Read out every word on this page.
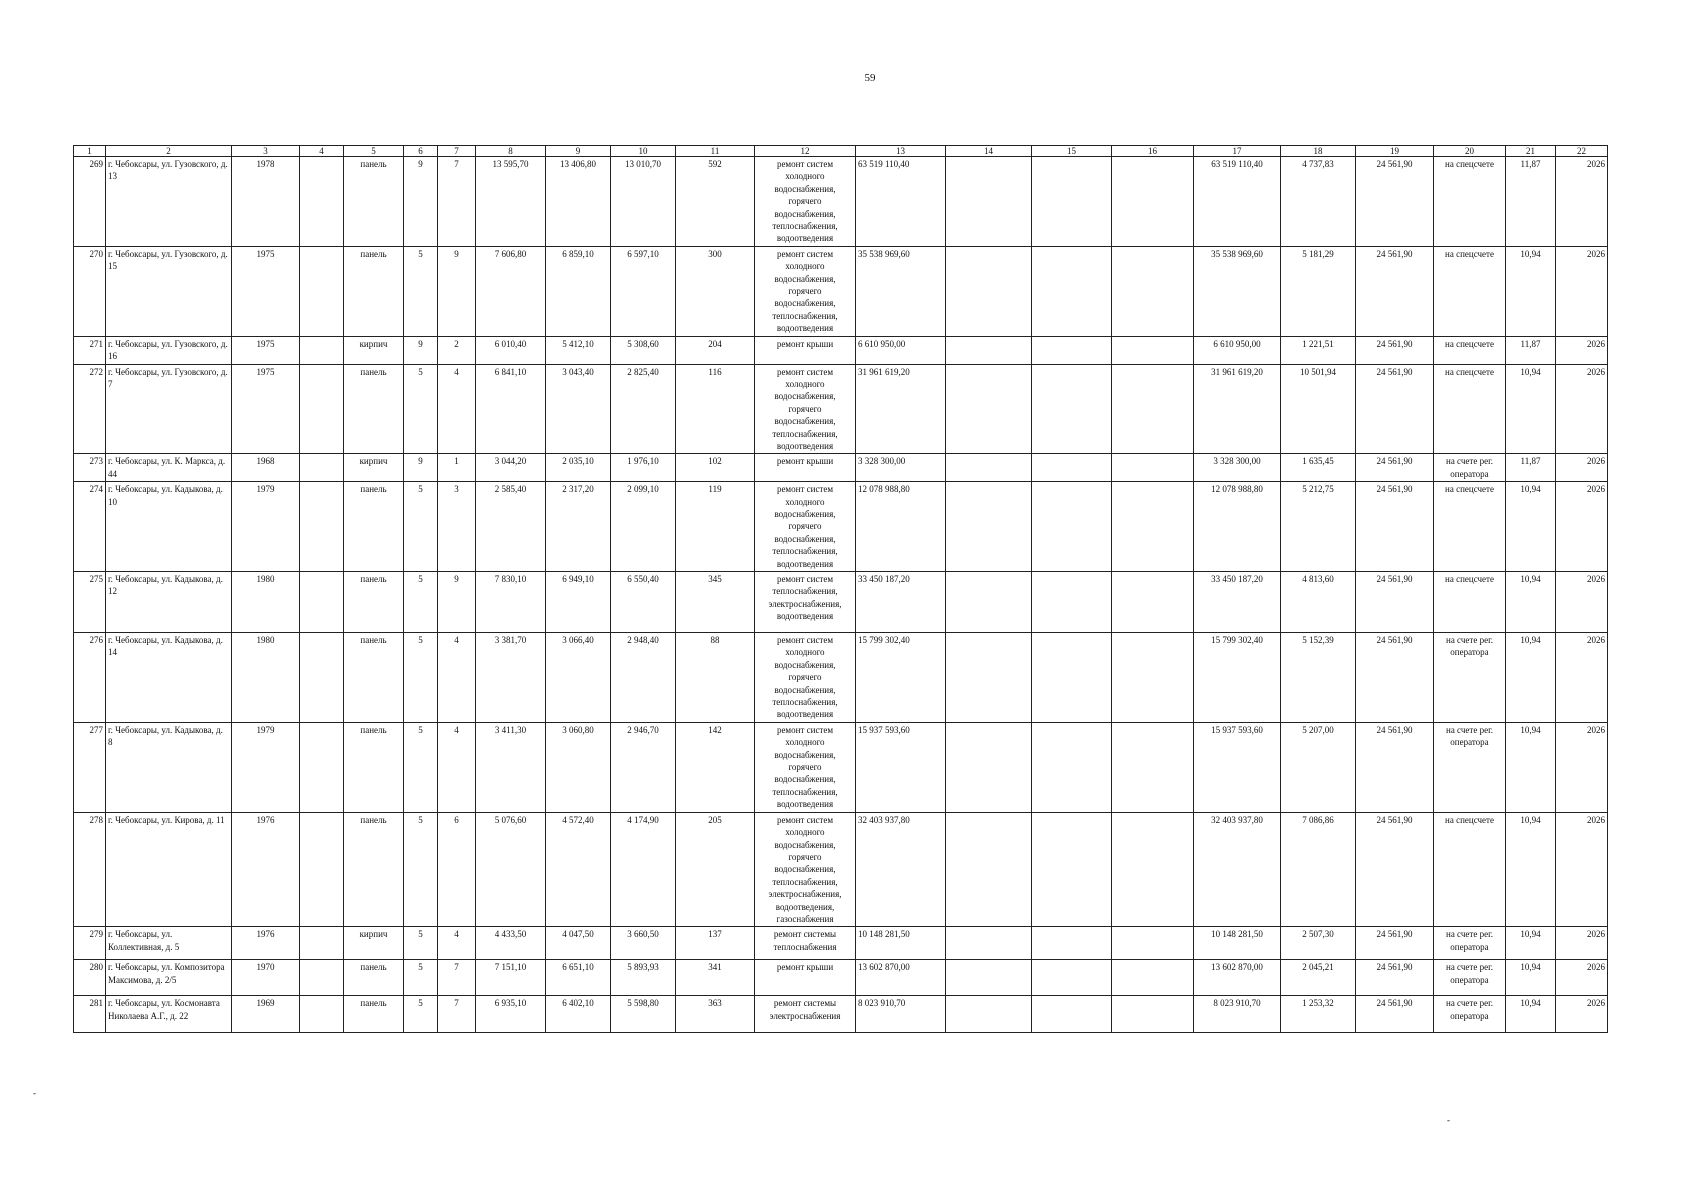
59
1	2	3	4	5	6	7	8	9	10	11	12	13	14	15	16	17	18	19	20	21	22
269	г. Чебоксары, ул. Гузовского, д. 13	1978		панель	9	7	13 595,70	13 406,80	13 010,70	592	ремонт систем холодного водоснабжения, горячего водоснабжения, теплоснабжения, водоотведения	63 519 110,40				63 519 110,40	4 737,83	24 561,90	на спецсчете	11,87	2026
270	г. Чебоксары, ул. Гузовского, д. 15	1975		панель	5	9	7 606,80	6 859,10	6 597,10	300	ремонт систем холодного водоснабжения, горячего водоснабжения, теплоснабжения, водоотведения	35 538 969,60				35 538 969,60	5 181,29	24 561,90	на спецсчете	10,94	2026
271	г. Чебоксары, ул. Гузовского, д. 16	1975		кирпич	9	2	6 010,40	5 412,10	5 308,60	204	ремонт крыши	6 610 950,00				6 610 950,00	1 221,51	24 561,90	на спецсчете	11,87	2026
272	г. Чебоксары, ул. Гузовского, д. 7	1975		панель	5	4	6 841,10	3 043,40	2 825,40	116	ремонт систем холодного водоснабжения, горячего водоснабжения, теплоснабжения, водоотведения	31 961 619,20				31 961 619,20	10 501,94	24 561,90	на спецсчете	10,94	2026
273	г. Чебоксары, ул. К. Маркса, д. 44	1968		кирпич	9	1	3 044,20	2 035,10	1 976,10	102	ремонт крыши	3 328 300,00				3 328 300,00	1 635,45	24 561,90	на счете рег. оператора	11,87	2026
274	г. Чебоксары, ул. Кадыкова, д. 10	1979		панель	5	3	2 585,40	2 317,20	2 099,10	119	ремонт систем холодного водоснабжения, горячего водоснабжения, теплоснабжения, водоотведения	12 078 988,80				12 078 988,80	5 212,75	24 561,90	на спецсчете	10,94	2026
275	г. Чебоксары, ул. Кадыкова, д. 12	1980		панель	5	9	7 830,10	6 949,10	6 550,40	345	ремонт систем теплоснабжения, электроснабжения, водоотведения	33 450 187,20				33 450 187,20	4 813,60	24 561,90	на спецсчете	10,94	2026
276	г. Чебоксары, ул. Кадыкова, д. 14	1980		панель	5	4	3 381,70	3 066,40	2 948,40	88	ремонт систем холодного водоснабжения, горячего водоснабжения, теплоснабжения, водоотведения	15 799 302,40				15 799 302,40	5 152,39	24 561,90	на счете рег. оператора	10,94	2026
277	г. Чебоксары, ул. Кадыкова, д. 8	1979		панель	5	4	3 411,30	3 060,80	2 946,70	142	ремонт систем холодного водоснабжения, горячего водоснабжения, теплоснабжения, водоотведения	15 937 593,60				15 937 593,60	5 207,00	24 561,90	на счете рег. оператора	10,94	2026
278	г. Чебоксары, ул. Кирова, д. 11	1976		панель	5	6	5 076,60	4 572,40	4 174,90	205	ремонт систем холодного водоснабжения, горячего водоснабжения, теплоснабжения, электроснабжения, водоотведения, газоснабжения	32 403 937,80				32 403 937,80	7 086,86	24 561,90	на спецсчете	10,94	2026
279	г. Чебоксары, ул. Коллективная, д. 5	1976		кирпич	5	4	4 433,50	4 047,50	3 660,50	137	ремонт системы теплоснабжения	10 148 281,50				10 148 281,50	2 507,30	24 561,90	на счете рег. оператора	10,94	2026
280	г. Чебоксары, ул. Композитора Максимова, д. 2/5	1970		панель	5	7	7 151,10	6 651,10	5 893,93	341	ремонт крыши	13 602 870,00				13 602 870,00	2 045,21	24 561,90	на счете рег. оператора	10,94	2026
281	г. Чебоксары, ул. Космонавта Николаева А.Г., д. 22	1969		панель	5	7	6 935,10	6 402,10	5 598,80	363	ремонт системы электроснабжения	8 023 910,70				8 023 910,70	1 253,32	24 561,90	на счете рег. оператора	10,94	2026
-
-
